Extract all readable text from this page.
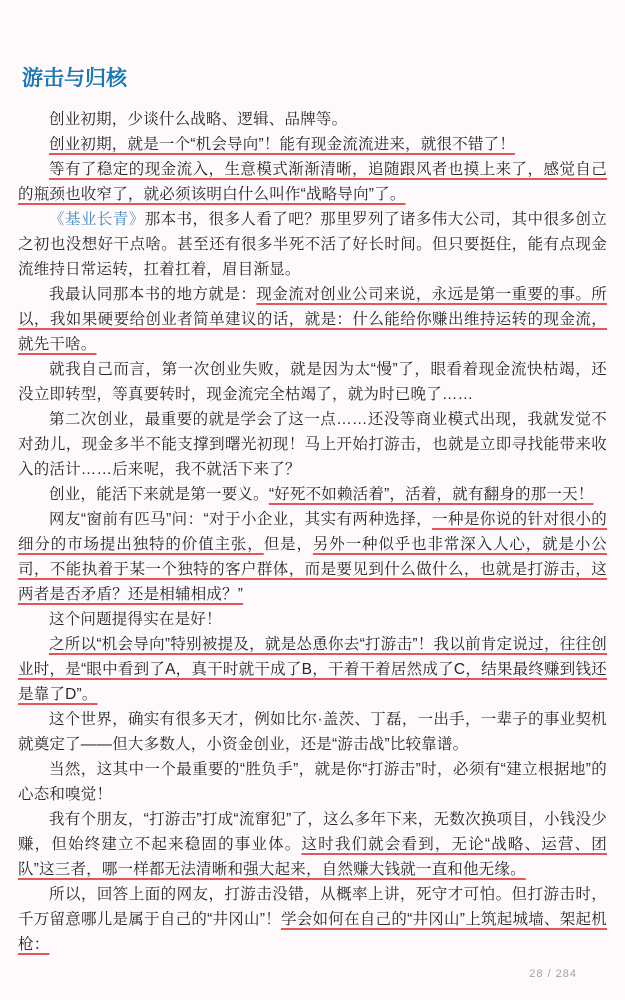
游击与归核

创业初期，少谈什么战略、逻辑、品牌等。

创业初期，就是一个“机会导向”！能有现金流流进来，就很不错了！

等有了稳定的现金流入，生意模式渐渐清晰，追随跟风者也摸上来了，感觉自己的瓶颈也收窄了，就必须该明白什么叫作“战略导向”了。

《基业长青》那本书，很多人看了吧？那里罗列了诸多伟大公司，其中很多创立之初也没想好干点啥。甚至还有很多半死不活了好长时间。但只要挺住，能有点现金流维持日常运转，扛着扛着，眉目渐显。

我最认同那本书的地方就是：现金流对创业公司来说，永远是第一重要的事。所以，我如果硬要给创业者简单建议的话，就是：什么能给你赚出维持运转的现金流，就先干啥。

就我自己而言，第一次创业失败，就是因为太“慢”了，眼看着现金流快枯竭，还没立即转型，等真要转时，现金流完全枯竭了，就为时已晚了……

第二次创业，最重要的就是学会了这一点……还没等商业模式出现，我就发觉不对劲儿，现金多半不能支撑到曙光初现！马上开始打游击，也就是立即寻找能带来收入的活计……后来呢，我不就活下来了？

创业，能活下来就是第一要义。“好死不如赖活着”，活着，就有翻身的那一天！

网友“窗前有匹马”问：“对于小企业，其实有两种选择，一种是你说的针对很小的细分的市场提出独特的价值主张，但是，另外一种似乎也非常深入人心，就是小公司，不能执着于某一个独特的客户群体，而是要见到什么做什么，也就是打游击，这两者是否矛盾？还是相辅相成？”

这个问题提得实在是好！

之所以“机会导向”特别被提及，就是怂恿你去“打游击”！我以前肯定说过，往往创业时，是“眼中看到了A，真干时就干成了B，干着干着居然成了C，结果最终赚到钱还是靠了D”。

这个世界，确实有很多天才，例如比尔·盖茨、丁磊，一出手，一辈子的事业契机就奠定了——但大多数人，小资金创业，还是“游击战”比较靠谱。

当然，这其中一个最重要的“胜负手”，就是你“打游击”时，必须有“建立根据地”的心态和嗅觉！

我有个朋友，“打游击”打成“流窜犯”了，这么多年下来，无数次换项目，小钱没少赚，但始终建立不起来稳固的事业体。这时我们就会看到，无论“战略、运营、团队”这三者，哪一样都无法清晰和强大起来，自然赚大钱就一直和他无缘。

所以，回答上面的网友，打游击没错，从概率上讲，死守才可怕。但打游击时，千万留意哪儿是属于自己的“井冈山”！学会如何在自己的“井冈山”上筑起城墙、架起机枪：

28 / 284
